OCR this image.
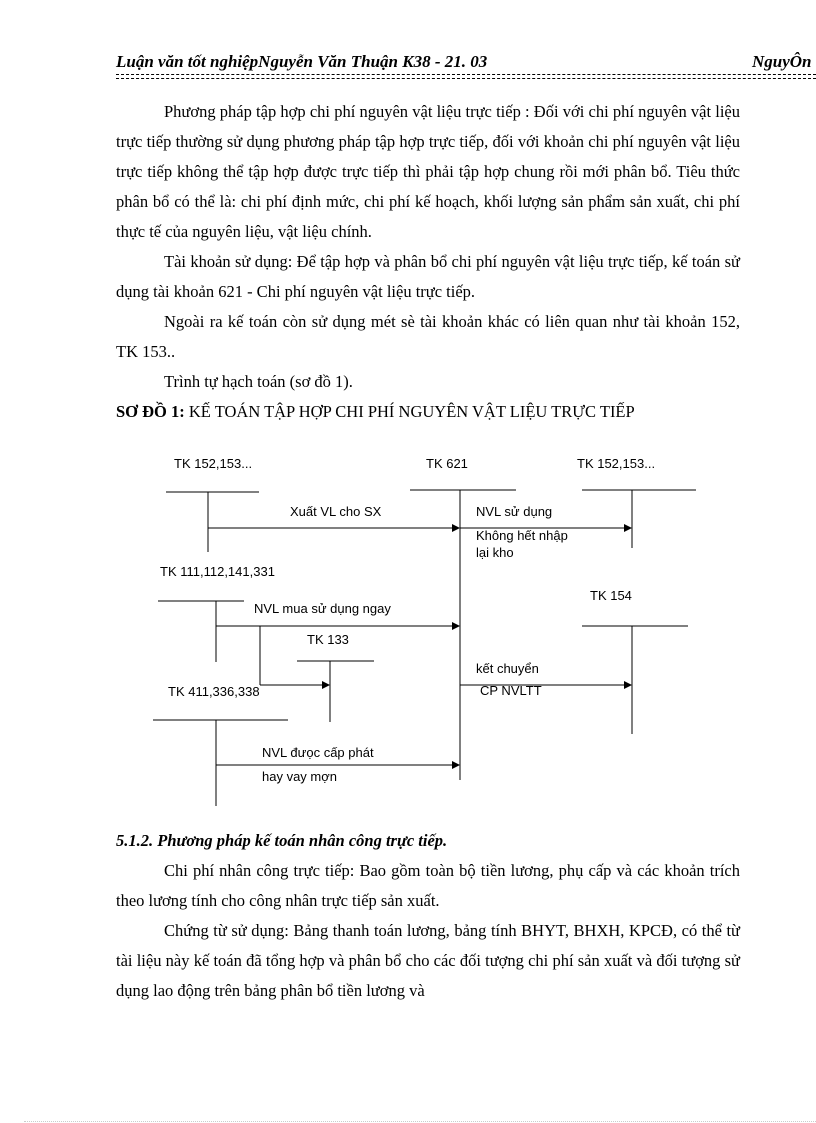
Luận văn tốt nghiệpNguyễn Văn Thuận K38 - 21. 03	NguyÔn

Phương pháp tập hợp chi phí nguyên vật liệu trực tiếp : Đối với chi phí nguyên vật liệu trực tiếp thường sử dụng phương pháp tập hợp trực tiếp, đối với khoản chi phí nguyên vật liệu trực tiếp không thể tập hợp được trực tiếp thì phải tập hợp chung rồi mới phân bổ. Tiêu thức phân bổ có thể là: chi phí định mức, chi phí kế hoạch, khối lượng sản phẩm sản xuất, chi phí thực tế của nguyên liệu, vật liệu chính.

Tài khoản sử dụng: Để tập hợp và phân bổ chi phí nguyên vật liệu trực tiếp, kế toán sử dụng tài khoản 621 - Chi phí nguyên vật liệu trực tiếp.

Ngoài ra kế toán còn sử dụng mét sè tài khoản khác có liên quan như tài khoản 152, TK 153..

Trình tự hạch toán (sơ đồ 1).

SƠ ĐỒ 1: KẾ TOÁN TẬP HỢP CHI PHÍ NGUYÊN VẬT LIỆU TRỰC TIẾP

TK 152,153...	TK 621	TK 152,153...
TK 111,112,141,331
TK 154
TK 133
TK 411,336,338
Xuất VL cho SX	NVL sử dụng
Không hết nhập
lại kho
NVL mua sử dụng ngay
kết chuyển
CP NVLTT
NVL đưọc cấp phát
hay vay mợn

5.1.2. Phương pháp kế toán nhân công trực tiếp.

Chi phí nhân công trực tiếp: Bao gồm toàn bộ tiền lương, phụ cấp và các khoản trích theo lương tính cho công nhân trực tiếp sản xuất.

Chứng từ sử dụng: Bảng thanh toán lương, bảng tính BHYT, BHXH, KPCĐ, có thể từ tài liệu này kế toán đã tổng hợp và phân bổ cho các đối tượng chi phí sản xuất và đối tượng sử dụng lao động trên bảng phân bổ tiền lương và
